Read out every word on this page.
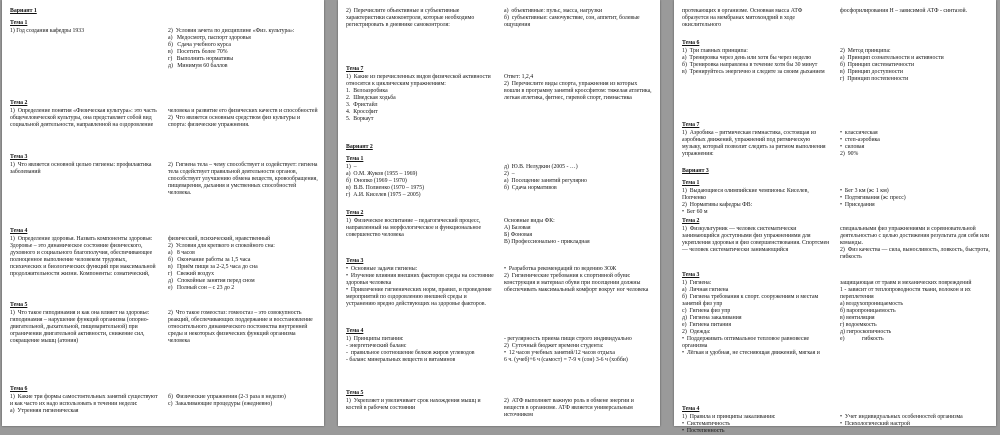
Вариант 1
Тема 1
1) Год создания кафедры 1933	2)  Условия зачета по дисциплине «Физ. культура»:
а)   Медосмотр, паспорт здоровья
б)   Сдача учебного курса
в)   Посетить более 70%
г)   Выполнить нормативы
д)   Минимум 60 баллов
Тема 2
1)  Определение понятия «Физическая культура»: это часть общечеловеческой культуры, она представляет собой вид социальной деятельности, направленной на оздоровление
человека и развитие его физических качеств и способностей
2)  Что является основным средством физ культуры и спорта: физические упражнения.
Тема 3
1)  Что является основной целью гигиены: профилактика заболеваний
2)  Гигиена тела – чему способствует и содействует: гигиена тела содействует правильной деятельности органов, способствует улучшению обмена веществ, кровообращения, пищеварения, дыхания и умственных способностей человека.
Тема 4
1)  Определение здоровья. Назвать компоненты здоровья: Здоровье – это динамическое состояние физического, духовного и социального благополучия, обеспечивающее полноценное выполнение человеком трудовых, психических и биологических функций при максимальной продолжительности жизни. Компоненты: соматический,
физический, психический, нравственный
2)  Условия для крепкого и спокойного сна:
а)   8 часов
б)   Окончание работы за 1,5 часа
в)   Приём пищи за 2-2,5 часа до сна
г)   Свежий воздух
д)   Спокойные занятия перед сном
е)   Полный сон – с 23 до 2
Тема 5
1)  Что такое гиподинамия и как она влияет на здоровье: гиподинамия – нарушение функций организма (опорно-двигательной, дыхательной, пищеварительной) при ограничении двигательной активности, снижение сил, сокращение мышц (атония)
2)  Что такое гомеостаз: гомеостаз – это совокупность реакций, обеспечивающих поддержание и восстановление относительного динамического постоянства внутренней среды и некоторых физических функций организма человека
Тема 6
1)  Какие три формы самостоятельных занятий существуют и как часто их надо использовать в течении недели:
а)  Утренняя гигиеническая
б)  Физические упражнения (2-3 раза в неделю)
с)  Закаливающие процедуры (ежедневно)
2)  Перечислите объективные и субъективные характеристики самоконтроля, которые необходимо регистрировать в дневнике самоконтроля:
а)  объективные: пульс, масса, нагрузки
б)  субъективные: самочувствие, сон, аппетит, болевые ощущения
Тема 7
1)  Какие из перечисленных видов физической активности относятся к циклическим упражнениям:
1.  Велоаэробика
2.  Шведская ходьба
3.  Фристайл
4.  Кроссфит
5.  Воркаут
Ответ: 1,2,4
2)  Перечислите виды спорта, упражнения из которых вошли в программу занятий кроссфитом: тяжелая атлетика, легкая атлетика, фитнес, гиревой спорт, гимнастика
Вариант 2
Тема 1
1)  –
а)  О.М. Жуков (1955 – 1969)
б)  Онопко (1969 – 1970)
в)  В.В. Полиенко (1970 – 1975)
г)  А.И. Киселев (1975 – 2005)
д)  Ю.В. Нелудкин (2005 - …)
2)  –
а)  Посещение занятий регулярно
б)  Сдача нормативов
Тема 2
1)  Физическое воспитание – педагогический процесс, направленный на морфологическое и функциональное совершенство человека
Основные виды ФК:
А) Базовая
Б) Фоновая
В) Профессионально - прикладная
Тема 3
•  Основные задачи гигиены:
•  Изучение влияния внешних факторов среды на состояние здоровья человека
•  Привлечение гигиенических норм, правил, и проведение мероприятий по оздоровлению внешней среды и устранению вредно действующих на здоровье факторов.
•  Разработка рекомендаций по ведению ЗОЖ
2)  Гигиенические требования к спортивной обуви: конструкция и материал обуви при посещении должны обеспечивать максимальный комфорт вокруг ног человека
Тема 4
1)  Принципы питания:
- энергетический баланс
-  правильное соотношение белков жиров углеводов
- баланс минеральных веществ и витаминов
- регулярность приема пищи строго индивидуально
2)  Суточный бюджет времени студента:
•  12 часов учебных занятий/12 часов отдыха
6 ч. (учеб)+6 ч (самост) = 7-9 ч (сон) 3-6 ч (хобби)
Тема 5
1)  Укрепляет и увеличивает срок нахождения мышц и костей в рабочем состоянии
2)  АТФ выполняет важную роль в обмене энергии и веществ в организме. АТФ является универсальным источником
протекающих в организме. Основная масса АТФ образуется на мембранах митохондрий в ходе окислительного
фосфорилирования Н – зависимой АТФ - синтазой.
Тема 6
1)  Три главных принципа:
а)  Тренировка через день или хотя бы через неделю
б)  Тренировка направлена в течение хотя бы 30 минут
в)  Тренируйтесь энергично и следите за своим дыханием
2)  Метод принципа:
а)  Принцип сознательности и активности
б)  Принцип систематичности
в)  Принцип доступности
г)  Принцип постепенности
Тема 7
1)  Аэробика – ритмическая гимнастика, состоящая из аэробных движений, упражнений под ритмическую музыку, который позволит следить за ритмом выполнения упражнения:
•  классическая
•  степ-аэробика
•  силовая
2)  90%
Вариант 3
Тема 1
1)  Выдающиеся олимпийские чемпионы: Киселев, Попченко
2)  Нормативы кафедры ФВ:
•  Бег 60 м
•  Бег 3 км (ж: 1 км)
•  Подтягивания (ж: пресс)
•  Приседания
Тема 2
1)  Физкультурник — человек систематически занимающийся доступными физ упражнениями для укрепления здоровья и физ совершенствования. Спортсмен — человек систематически занимающийся
специальными физ упражнениями и соревновательной деятельностью с целью достижения результата для себя или команды.
2)  Физ качества — сила, выносливость, ловкость, быстрота, гибкость
Тема 3
1)  Гигиена:
а)  Личная гигиена
б)  Гигиена требования к спорт. сооружениям и местам занятий физ упр
с)  Гигиена физ упр
д)  Гигиена закаливания
е)  Гигиена питания
2)  Одежда:
•  Поддерживать оптимальное тепловое равновесие организма
•  Лёгкая и удобная, не стесняющая движений, мягкая и
защищающая от травм и механических повреждений
1 - зависит от теплопроводности ткани, волокон и их переплетения
а) воздухопроницаемость
б) паропроницаемость
в) вентиляция
г) водоемкость
д) гигроскопичность
е)            гибкость
Тема 4
1)  Правила и принципы закаливания:
•  Систематичность
•  Постепенность
•  Учет индивидуальных особенностей организма
•  Психологический настрой
